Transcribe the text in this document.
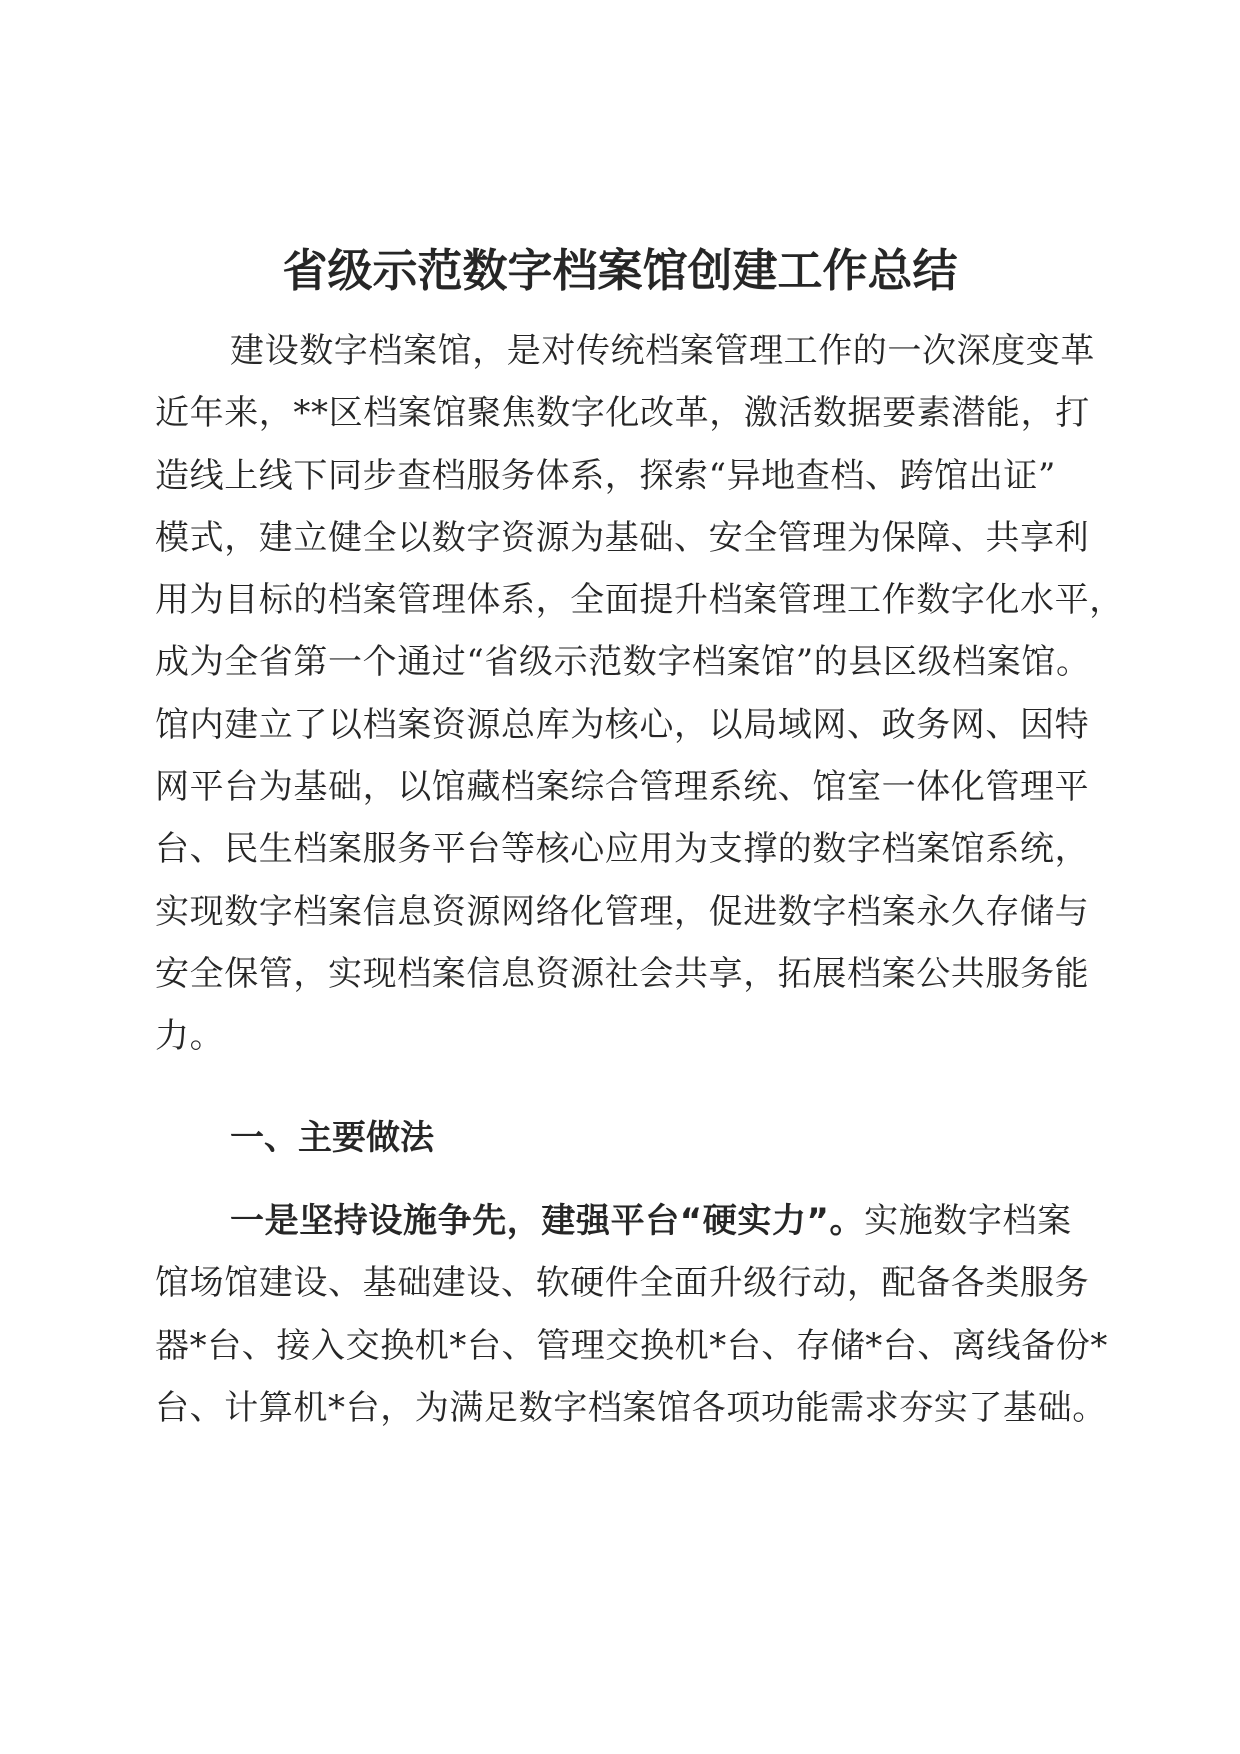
省级示范数字档案馆创建工作总结
建设数字档案馆，是对传统档案管理工作的一次深度变革
近年来，**区档案馆聚焦数字化改革，激活数据要素潜能，打
造线上线下同步查档服务体系，探索“异地查档、跨馆出证”
模式，建立健全以数字资源为基础、安全管理为保障、共享利
用为目标的档案管理体系，全面提升档案管理工作数字化水平，
成为全省第一个通过“省级示范数字档案馆”的县区级档案馆。
馆内建立了以档案资源总库为核心，以局域网、政务网、因特
网平台为基础，以馆藏档案综合管理系统、馆室一体化管理平
台、民生档案服务平台等核心应用为支撑的数字档案馆系统，
实现数字档案信息资源网络化管理，促进数字档案永久存储与
安全保管，实现档案信息资源社会共享，拓展档案公共服务能
力。
一、主要做法
一是坚持设施争先，建强平台“硬实力”。实施数字档案
馆场馆建设、基础建设、软硬件全面升级行动，配备各类服务
器*台、接入交换机*台、管理交换机*台、存储*台、离线备份*
台、计算机*台，为满足数字档案馆各项功能需求夯实了基础。
